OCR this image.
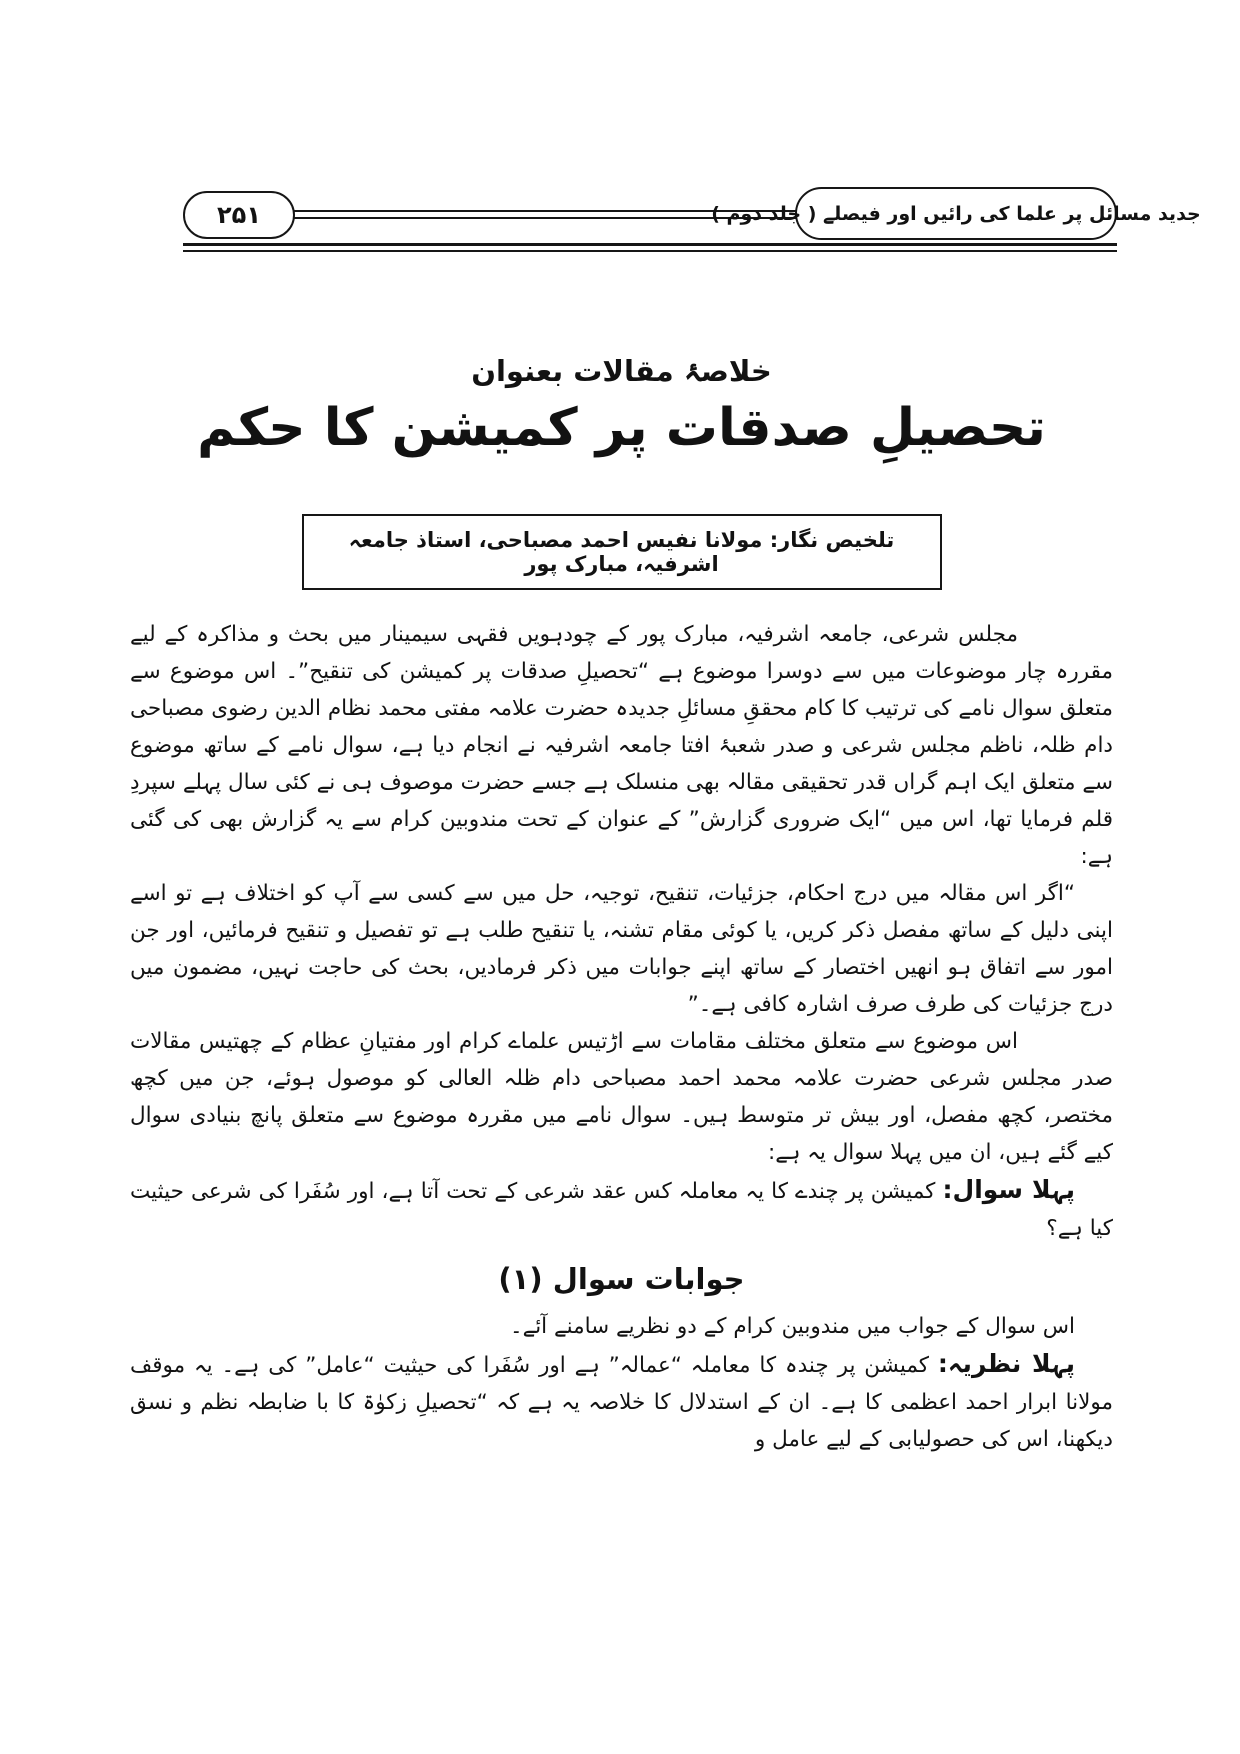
۲۵۱	جدید مسائل پر علما کی رائیں اور فیصلے ( جلد دوم )
خلاصۂ مقالات بعنوان
تحصیلِ صدقات پر کمیشن کا حکم
تلخیص نگار: مولانا نفیس احمد مصباحی، استاذ جامعہ اشرفیہ، مبارک پور

مجلس شرعی، جامعہ اشرفیہ، مبارک پور کے چودہویں فقہی سیمینار میں بحث و مذاکرہ کے لیے مقررہ چار موضوعات میں سے دوسرا موضوع ہے “تحصیلِ صدقات پر کمیشن کی تنقیح”۔ اس موضوع سے متعلق سوال نامے کی ترتیب کا کام محققِ مسائلِ جدیدہ حضرت علامہ مفتی محمد نظام الدین رضوی مصباحی دام ظلہ، ناظم مجلس شرعی و صدر شعبۂ افتا جامعہ اشرفیہ نے انجام دیا ہے، سوال نامے کے ساتھ موضوع سے متعلق ایک اہم گراں قدر تحقیقی مقالہ بھی منسلک ہے جسے حضرت موصوف ہی نے کئی سال پہلے سپردِ قلم فرمایا تھا، اس میں “ایک ضروری گزارش” کے عنوان کے تحت مندوبین کرام سے یہ گزارش بھی کی گئی ہے:

“اگر اس مقالہ میں درج احکام، جزئیات، تنقیح، توجیہ، حل میں سے کسی سے آپ کو اختلاف ہے تو اسے اپنی دلیل کے ساتھ مفصل ذکر کریں، یا کوئی مقام تشنہ، یا تنقیح طلب ہے تو تفصیل و تنقیح فرمائیں، اور جن امور سے اتفاق ہو انھیں اختصار کے ساتھ اپنے جوابات میں ذکر فرمادیں، بحث کی حاجت نہیں، مضمون میں درج جزئیات کی طرف صرف اشارہ کافی ہے۔”

اس موضوع سے متعلق مختلف مقامات سے اڑتیس علماے کرام اور مفتیانِ عظام کے چھتیس مقالات صدر مجلس شرعی حضرت علامہ محمد احمد مصباحی دام ظلہ العالی کو موصول ہوئے، جن میں کچھ مختصر، کچھ مفصل، اور بیش تر متوسط ہیں۔ سوال نامے میں مقررہ موضوع سے متعلق پانچ بنیادی سوال کیے گئے ہیں، ان میں پہلا سوال یہ ہے:

پہلا سوال: کمیشن پر چندے کا یہ معاملہ کس عقد شرعی کے تحت آتا ہے، اور سُفَرا کی شرعی حیثیت کیا ہے؟

جوابات سوال (۱)

اس سوال کے جواب میں مندوبین کرام کے دو نظریے سامنے آئے۔

پہلا نظریہ: کمیشن پر چندہ کا معاملہ “عمالہ” ہے اور سُفَرا کی حیثیت “عامل” کی ہے۔ یہ موقف مولانا ابرار احمد اعظمی کا ہے۔ ان کے استدلال کا خلاصہ یہ ہے کہ “تحصیلِ زکوٰۃ کا با ضابطہ نظم و نسق دیکھنا، اس کی حصولیابی کے لیے عامل و
